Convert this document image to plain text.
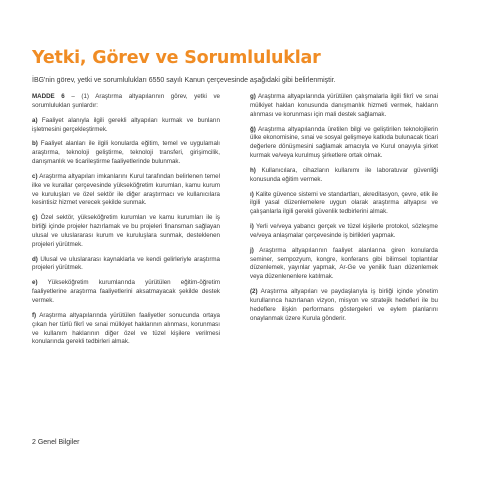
Yetki, Görev ve Sorumluluklar
İBG'nin görev, yetki ve sorumlulukları 6550 sayılı Kanun çerçevesinde aşağıdaki gibi belirlenmiştir.

MADDE 6 – (1) Araştırma altyapılarının görev, yetki ve sorumlulukları şunlardır:

a) Faaliyet alanıyla ilgili gerekli altyapıları kurmak ve bunların işletmesini gerçekleştirmek.

b) Faaliyet alanları ile ilgili konularda eğitim, temel ve uygulamalı araştırma, teknoloji geliştirme, teknoloji transferi, girişimcilik, danışmanlık ve ticarileştirme faaliyetlerinde bulunmak.

c) Araştırma altyapıları imkanlarını Kurul tarafından belirlenen temel ilke ve kurallar çerçevesinde yükseköğretim kurumları, kamu kurum ve kuruluşları ve özel sektör ile diğer araştırmacı ve kullanıcılara kesintisiz hizmet verecek şekilde sunmak.

ç) Özel sektör, yükseköğretim kurumları ve kamu kurumları ile iş birliği içinde projeler hazırlamak ve bu projeleri finansman sağlayan ulusal ve uluslararası kurum ve kuruluşlara sunmak, desteklenen projeleri yürütmek.

d) Ulusal ve uluslararası kaynaklarla ve kendi gelirleriyle araştırma projeleri yürütmek.

e) Yükseköğretim kurumlarında yürütülen eğitim-öğretim faaliyetlerine araştırma faaliyetlerini aksatmayacak şekilde destek vermek.

f) Araştırma altyapılarında yürütülen faaliyetler sonucunda ortaya çıkan her türlü fikrî ve sınai mülkiyet haklarının alınması, korunması ve kullanım haklarının diğer özel ve tüzel kişilere verilmesi konularında gerekli tedbirleri almak.

g) Araştırma altyapılarında yürütülen çalışmalarla ilgili fikrî ve sınai mülkiyet hakları konusunda danışmanlık hizmeti vermek, hakların alınması ve korunması için mali destek sağlamak.

ğ) Araştırma altyapılarında üretilen bilgi ve geliştirilen teknolojilerin ülke ekonomisine, sınai ve sosyal gelişmeye katkıda bulunacak ticari değerlere dönüşmesini sağlamak amacıyla ve Kurul onayıyla şirket kurmak ve/veya kurulmuş şirketlere ortak olmak.

h) Kullanıcılara, cihazların kullanımı ile laboratuvar güvenliği konusunda eğitim vermek.

ı) Kalite güvence sistemi ve standartları, akreditasyon, çevre, etik ile ilgili yasal düzenlemelere uygun olarak araştırma altyapısı ve çalışanlarla ilgili gerekli güvenlik tedbirlerini almak.

i) Yerli ve/veya yabancı gerçek ve tüzel kişilerle protokol, sözleşme ve/veya anlaşmalar çerçevesinde iş birlikleri yapmak.

j) Araştırma altyapılarının faaliyet alanlarına giren konularda seminer, sempozyum, kongre, konferans gibi bilimsel toplantılar düzenlemek, yayınlar yapmak, Ar-Ge ve yenilik fuarı düzenlemek veya düzenlenenlere katılmak.

(2) Araştırma altyapıları ve paydaşlarıyla iş birliği içinde yönetim kurullarınca hazırlanan vizyon, misyon ve stratejik hedefleri ile bu hedeflere ilişkin performans göstergeleri ve eylem planlarını onaylanmak üzere Kurula gönderir.

2 Genel Bilgiler
